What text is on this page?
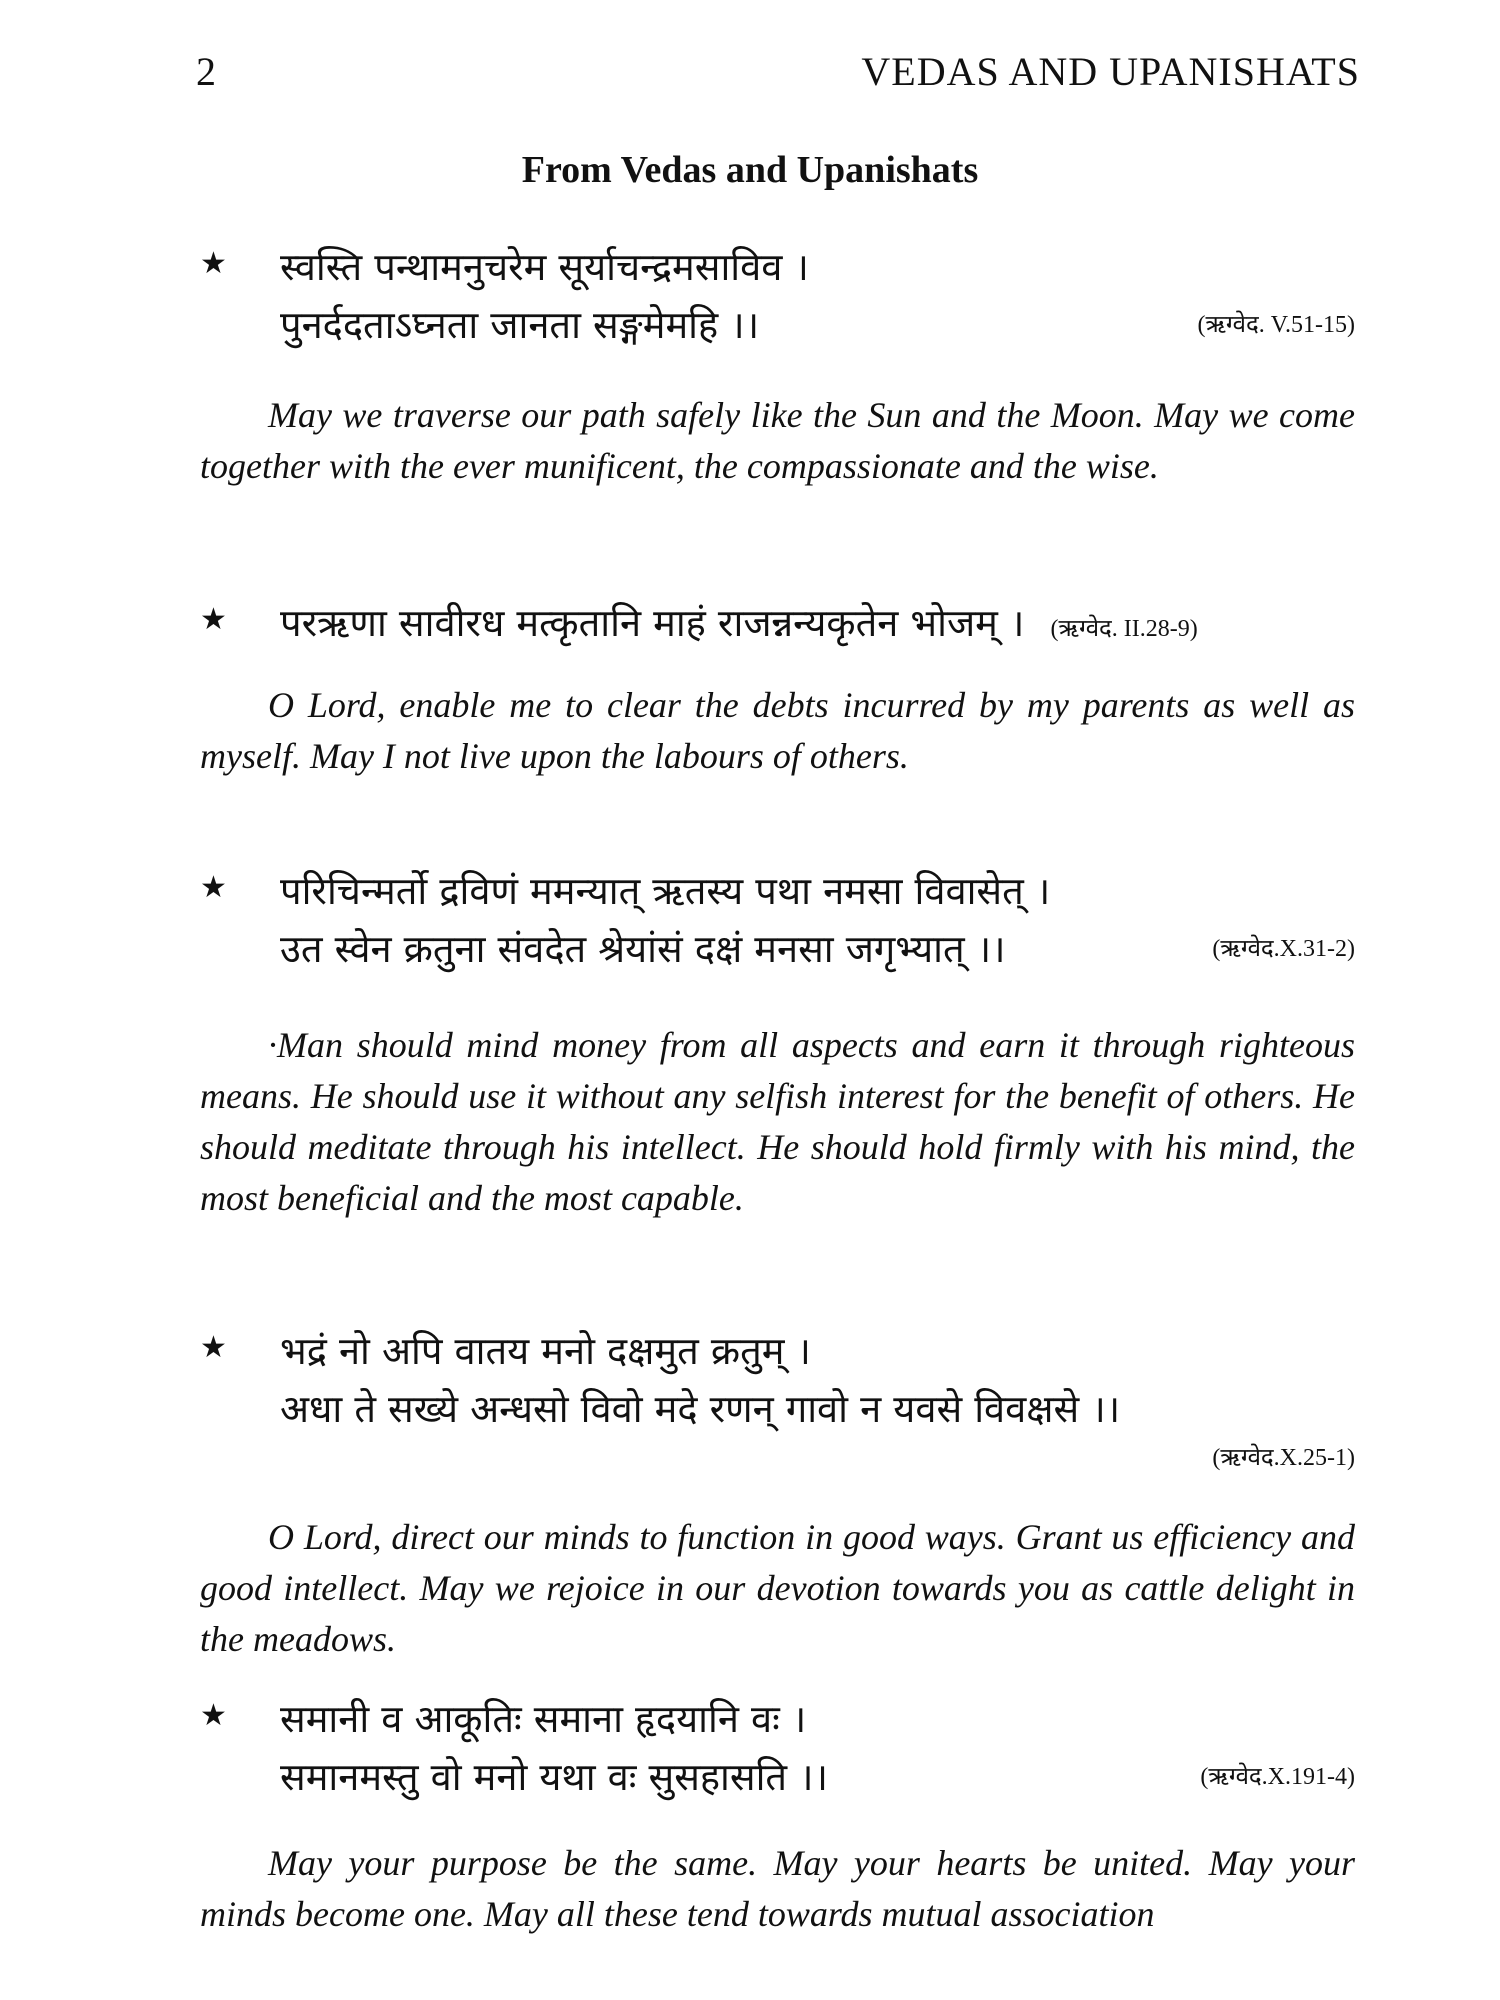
2	VEDAS AND UPANISHATS
From Vedas and Upanishats
★ स्वस्ति पन्थामनुचरेम सूर्याचन्द्रमसाविव ।
पुनर्ददताऽघ्नता जानता सङ्गमेमहि ।।	(ऋग्वेद. V.51-15)
May we traverse our path safely like the Sun and the Moon. May we come together with the ever munificent, the compassionate and the wise.
★ परऋणा सावीरध मत्कृतानि माहं राजन्नन्यकृतेन भोजम् । (ऋग्वेद. II.28-9)
O Lord, enable me to clear the debts incurred by my parents as well as myself. May I not live upon the labours of others.
★ परिचिन्मर्तो द्रविणं ममन्यात् ऋतस्य पथा नमसा विवासेत् ।
उत स्वेन क्रतुना संवदेत श्रेयांसं दक्षं मनसा जगृभ्यात् ।।	(ऋग्वेद.X.31-2)
·Man should mind money from all aspects and earn it through righteous means. He should use it without any selfish interest for the benefit of others. He should meditate through his intellect. He should hold firmly with his mind, the most beneficial and the most capable.
★ भद्रं नो अपि वातय मनो दक्षमुत क्रतुम् ।
अधा ते सख्ये अन्धसो विवो मदे रणन् गावो न यवसे विवक्षसे ।।
(ऋग्वेद.X.25-1)
O Lord, direct our minds to function in good ways. Grant us efficiency and good intellect. May we rejoice in our devotion towards you as cattle delight in the meadows.
★ समानी व आकूतिः समाना हृदयानि वः ।
समानमस्तु वो मनो यथा वः सुसहासति ।।	(ऋग्वेद.X.191-4)
May your purpose be the same. May your hearts be united. May your minds become one. May all these tend towards mutual association
